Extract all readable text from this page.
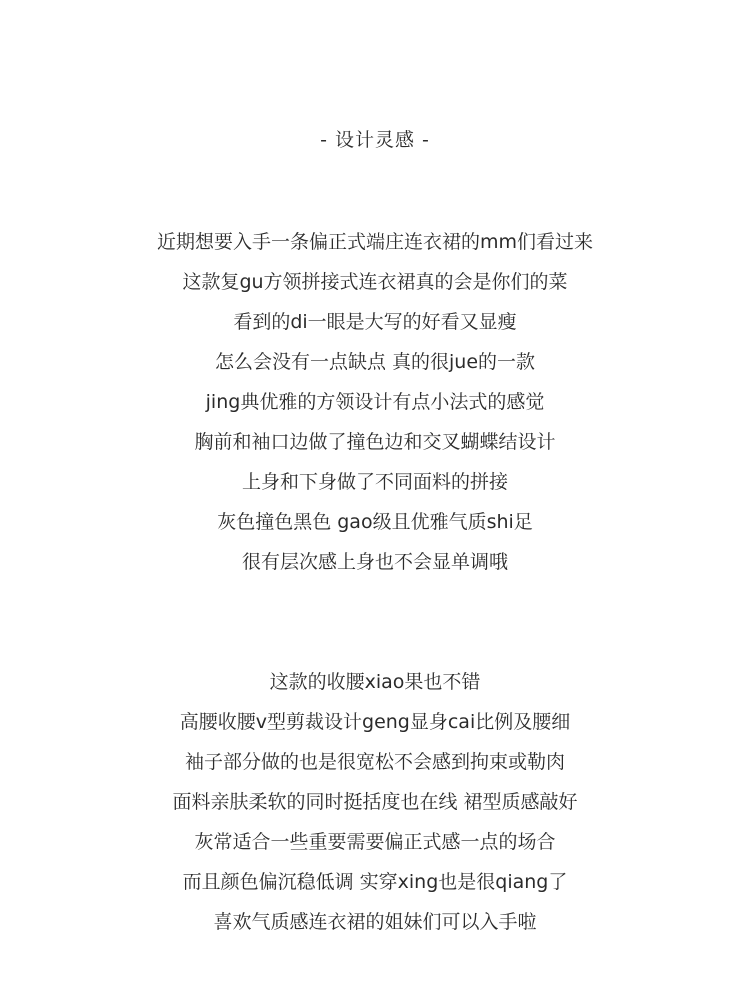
- 设计灵感 -
近期想要入手一条偏正式端庄连衣裙的mm们看过来
这款复gu方领拼接式连衣裙真的会是你们的菜
看到的di一眼是大写的好看又显瘦
怎么会没有一点缺点 真的很jue的一款
jing典优雅的方领设计有点小法式的感觉
胸前和袖口边做了撞色边和交叉蝴蝶结设计
上身和下身做了不同面料的拼接
灰色撞色黑色 gao级且优雅气质shi足
很有层次感上身也不会显单调哦
这款的收腰xiao果也不错
高腰收腰v型剪裁设计geng显身cai比例及腰细
袖子部分做的也是很宽松不会感到拘束或勒肉
面料亲肤柔软的同时挺括度也在线 裙型质感敲好
灰常适合一些重要需要偏正式感一点的场合
而且颜色偏沉稳低调 实穿xing也是很qiang了
喜欢气质感连衣裙的姐妹们可以入手啦
